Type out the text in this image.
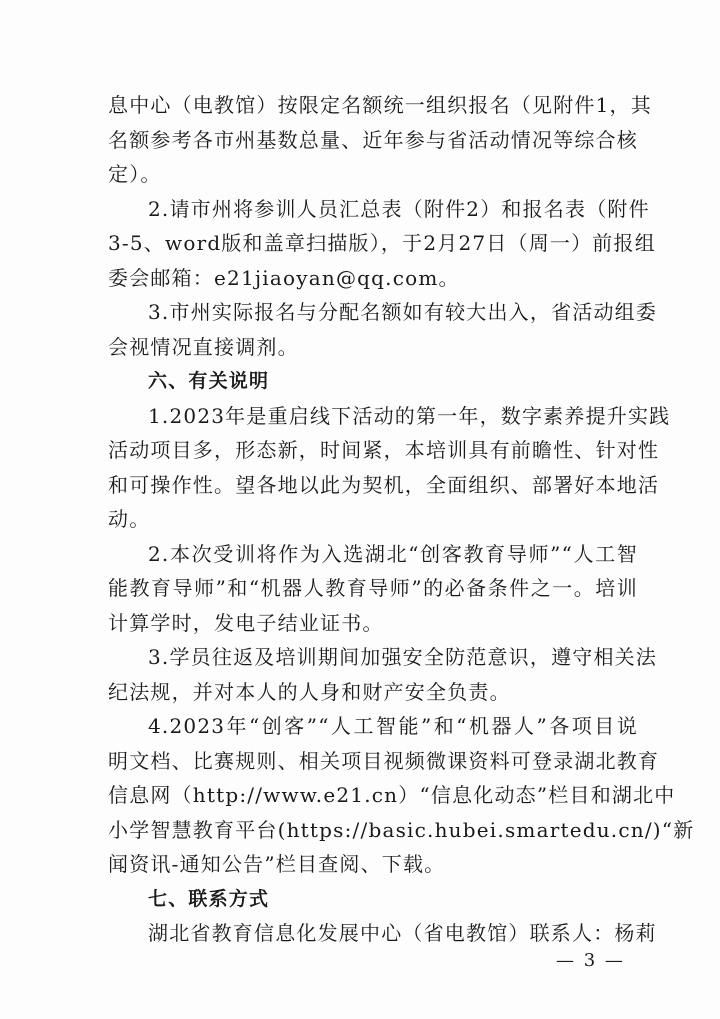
息中心（电教馆）按限定名额统一组织报名（见附件1，其
名额参考各市州基数总量、近年参与省活动情况等综合核
定）。
2.请市州将参训人员汇总表（附件2）和报名表（附件
3-5、word版和盖章扫描版），于2月27日（周一）前报组
委会邮箱：e21jiaoyan@qq.com。
3.市州实际报名与分配名额如有较大出入，省活动组委
会视情况直接调剂。
六、有关说明
1.2023年是重启线下活动的第一年，数字素养提升实践
活动项目多，形态新，时间紧，本培训具有前瞻性、针对性
和可操作性。望各地以此为契机，全面组织、部署好本地活
动。
2.本次受训将作为入选湖北“创客教育导师”“人工智
能教育导师”和“机器人教育导师”的必备条件之一。培训
计算学时，发电子结业证书。
3.学员往返及培训期间加强安全防范意识，遵守相关法
纪法规，并对本人的人身和财产安全负责。
4.2023年“创客”“人工智能”和“机器人”各项目说
明文档、比赛规则、相关项目视频微课资料可登录湖北教育
信息网（http://www.e21.cn）“信息化动态”栏目和湖北中
小学智慧教育平台(https://basic.hubei.smartedu.cn/)“新
闻资讯-通知公告”栏目查阅、下载。
七、联系方式
湖北省教育信息化发展中心（省电教馆）联系人：杨莉
— 3 —
